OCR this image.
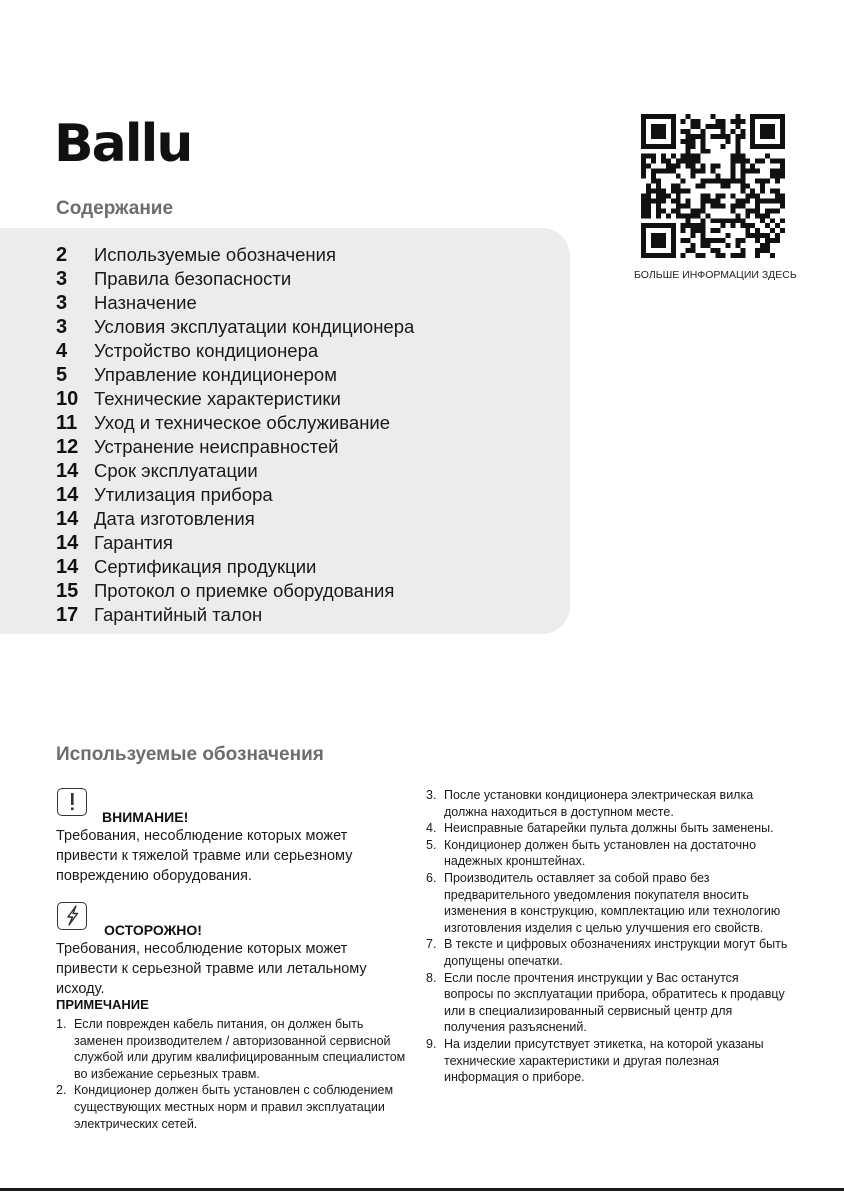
Ballu
Содержание
2 Используемые обозначения
3 Правила безопасности
3 Назначение
3 Условия эксплуатации кондиционера
4 Устройство кондиционера
5 Управление кондиционером
10 Технические характеристики
11 Уход и техническое обслуживание
12 Устранение неисправностей
14 Срок эксплуатации
14 Утилизация прибора
14 Дата изготовления
14 Гарантия
14 Сертификация продукции
15 Протокол о приемке оборудования
17 Гарантийный талон
БОЛЬШЕ ИНФОРМАЦИИ ЗДЕСЬ
Используемые обозначения
ВНИМАНИЕ!
Требования, несоблюдение которых может привести к тяжелой травме или серьезному повреждению оборудования.
ОСТОРОЖНО!
Требования, несоблюдение которых может привести к серьезной травме или летальному исходу.
ПРИМЕЧАНИЕ
1. Если поврежден кабель питания, он должен быть заменен производителем / авторизованной сервисной службой или другим квалифицированным специалистом во избежание серьезных травм.
2. Кондиционер должен быть установлен с соблюдением существующих местных норм и правил эксплуатации электрических сетей.
3. После установки кондиционера электрическая вилка должна находиться в доступном месте.
4. Неисправные батарейки пульта должны быть заменены.
5. Кондиционер должен быть установлен на достаточно надежных кронштейнах.
6. Производитель оставляет за собой право без предварительного уведомления покупателя вносить изменения в конструкцию, комплектацию или технологию изготовления изделия с целью улучшения его свойств.
7. В тексте и цифровых обозначениях инструкции могут быть допущены опечатки.
8. Если после прочтения инструкции у Вас останутся вопросы по эксплуатации прибора, обратитесь к продавцу или в специализированный сервисный центр для получения разъяснений.
9. На изделии присутствует этикетка, на которой указаны технические характеристики и другая полезная информация о приборе.
